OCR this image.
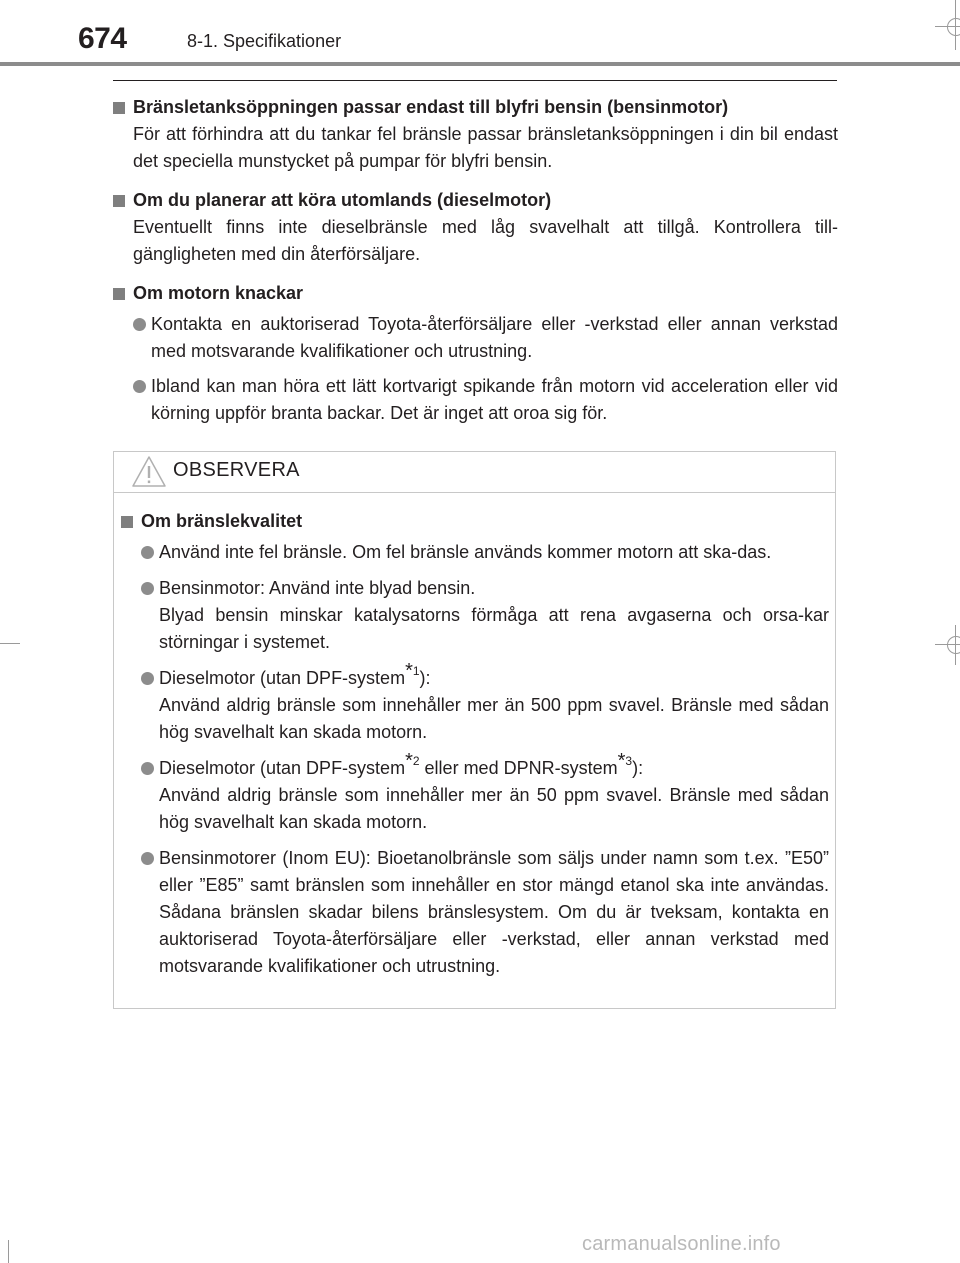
674	8-1. Specifikationer
Bränsletanksöppningen passar endast till blyfri bensin (bensinmotor)
För att förhindra att du tankar fel bränsle passar bränsletanksöppningen i din bil endast det speciella munstycket på pumpar för blyfri bensin.
Om du planerar att köra utomlands (dieselmotor)
Eventuellt finns inte dieselbränsle med låg svavelhalt att tillgå. Kontrollera till-gängligheten med din återförsäljare.
Om motorn knackar
Kontakta en auktoriserad Toyota-återförsäljare eller -verkstad eller annan verkstad med motsvarande kvalifikationer och utrustning.
Ibland kan man höra ett lätt kortvarigt spikande från motorn vid acceleration eller vid körning uppför branta backar. Det är inget att oroa sig för.
OBSERVERA
Om bränslekvalitet
Använd inte fel bränsle. Om fel bränsle används kommer motorn att ska-das.
Bensinmotor: Använd inte blyad bensin.
Blyad bensin minskar katalysatorns förmåga att rena avgaserna och orsa-kar störningar i systemet.
Dieselmotor (utan DPF-system$^{*1}$):
Använd aldrig bränsle som innehåller mer än 500 ppm svavel. Bränsle med sådan hög svavelhalt kan skada motorn.
Dieselmotor (utan DPF-system$^{*2}$ eller med DPNR-system$^{*3}$):
Använd aldrig bränsle som innehåller mer än 50 ppm svavel. Bränsle med sådan hög svavelhalt kan skada motorn.
Bensinmotorer (Inom EU): Bioetanolbränsle som säljs under namn som t.ex. ”E50” eller ”E85” samt bränslen som innehåller en stor mängd etanol ska inte användas. Sådana bränslen skadar bilens bränslesystem. Om du är tveksam, kontakta en auktoriserad Toyota-återförsäljare eller -verkstad, eller annan verkstad med motsvarande kvalifikationer och utrustning.
carmanualsonline.info
